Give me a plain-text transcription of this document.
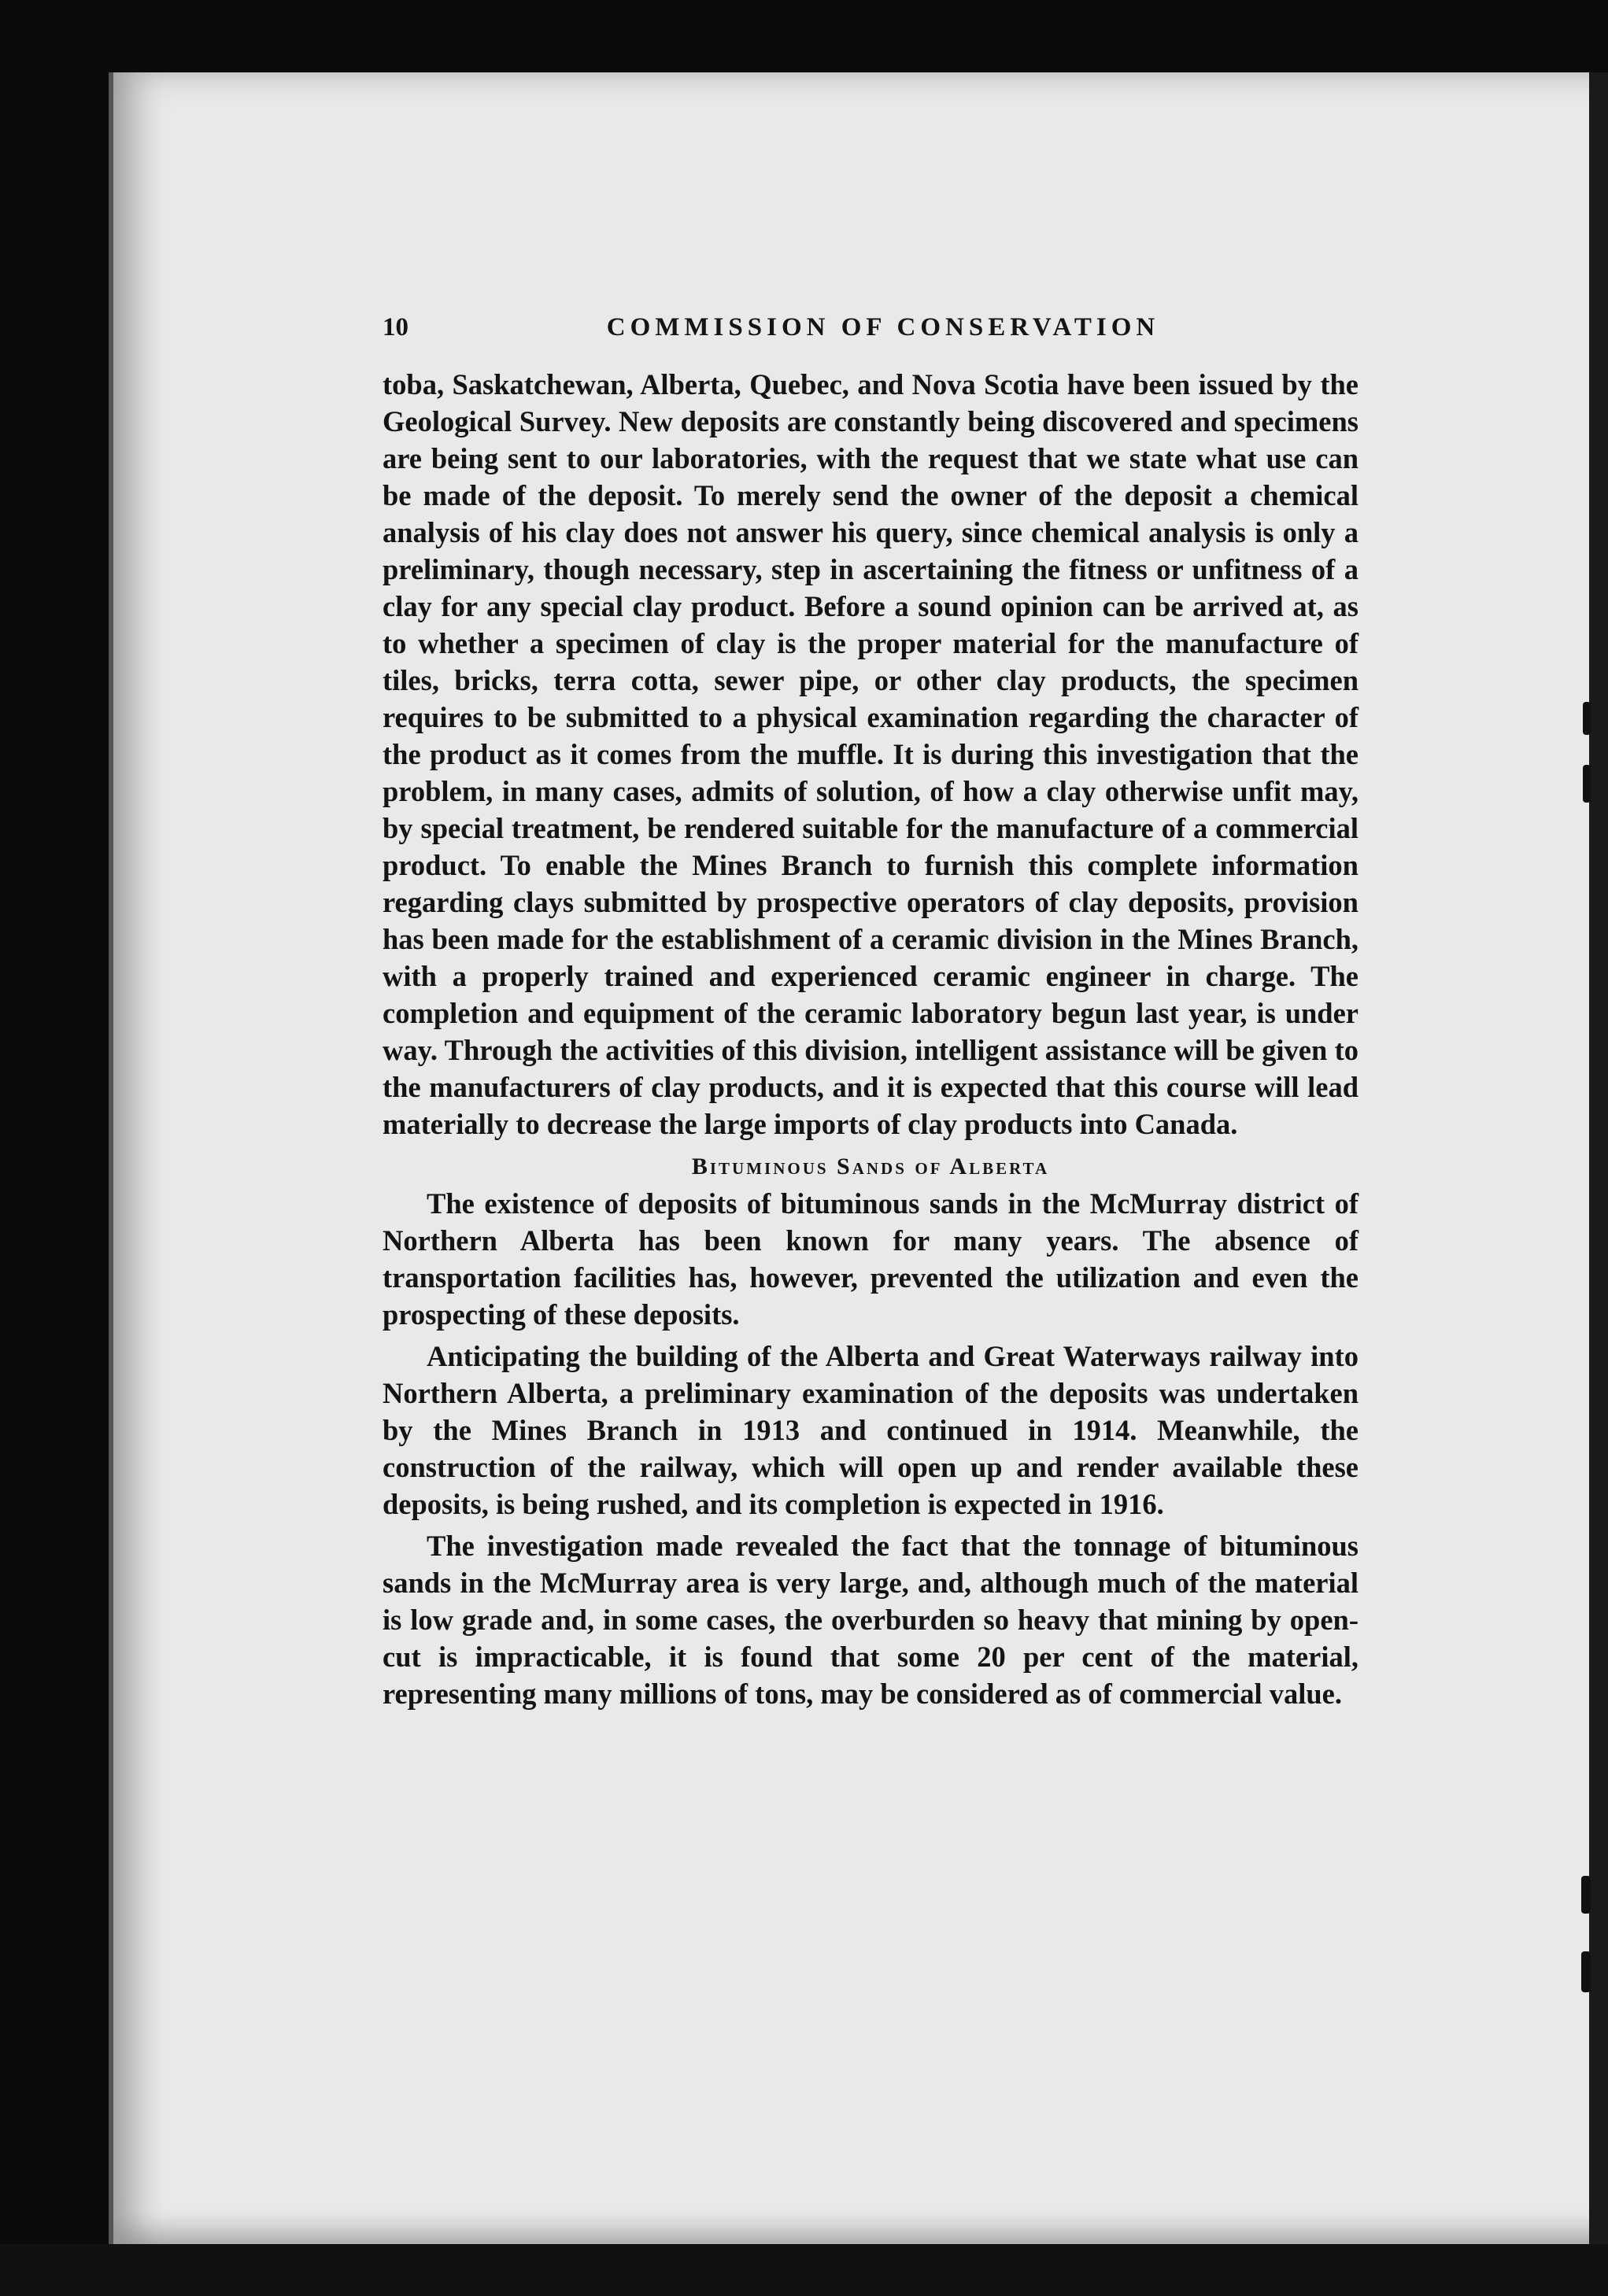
10	COMMISSION OF CONSERVATION

toba, Saskatchewan, Alberta, Quebec, and Nova Scotia have been issued by the Geological Survey. New deposits are constantly being discovered and specimens are being sent to our laboratories, with the request that we state what use can be made of the deposit. To merely send the owner of the deposit a chemical analysis of his clay does not answer his query, since chemical analysis is only a preliminary, though necessary, step in ascertaining the fitness or unfitness of a clay for any special clay product. Before a sound opinion can be arrived at, as to whether a specimen of clay is the proper material for the manufacture of tiles, bricks, terra cotta, sewer pipe, or other clay products, the specimen requires to be submitted to a physical examination regarding the character of the product as it comes from the muffle. It is during this investigation that the problem, in many cases, admits of solution, of how a clay otherwise unfit may, by special treatment, be rendered suitable for the manufacture of a commercial product. To enable the Mines Branch to furnish this complete information regarding clays submitted by prospective operators of clay deposits, provision has been made for the establishment of a ceramic division in the Mines Branch, with a properly trained and experienced ceramic engineer in charge. The completion and equipment of the ceramic laboratory begun last year, is under way. Through the activities of this division, intelligent assistance will be given to the manufacturers of clay products, and it is expected that this course will lead materially to decrease the large imports of clay products into Canada.

Bituminous Sands of Alberta

The existence of deposits of bituminous sands in the McMurray district of Northern Alberta has been known for many years. The absence of transportation facilities has, however, prevented the utilization and even the prospecting of these deposits.

Anticipating the building of the Alberta and Great Waterways railway into Northern Alberta, a preliminary examination of the deposits was undertaken by the Mines Branch in 1913 and continued in 1914. Meanwhile, the construction of the railway, which will open up and render available these deposits, is being rushed, and its completion is expected in 1916.

The investigation made revealed the fact that the tonnage of bituminous sands in the McMurray area is very large, and, although much of the material is low grade and, in some cases, the overburden so heavy that mining by open-cut is impracticable, it is found that some 20 per cent of the material, representing many millions of tons, may be considered as of commercial value.
